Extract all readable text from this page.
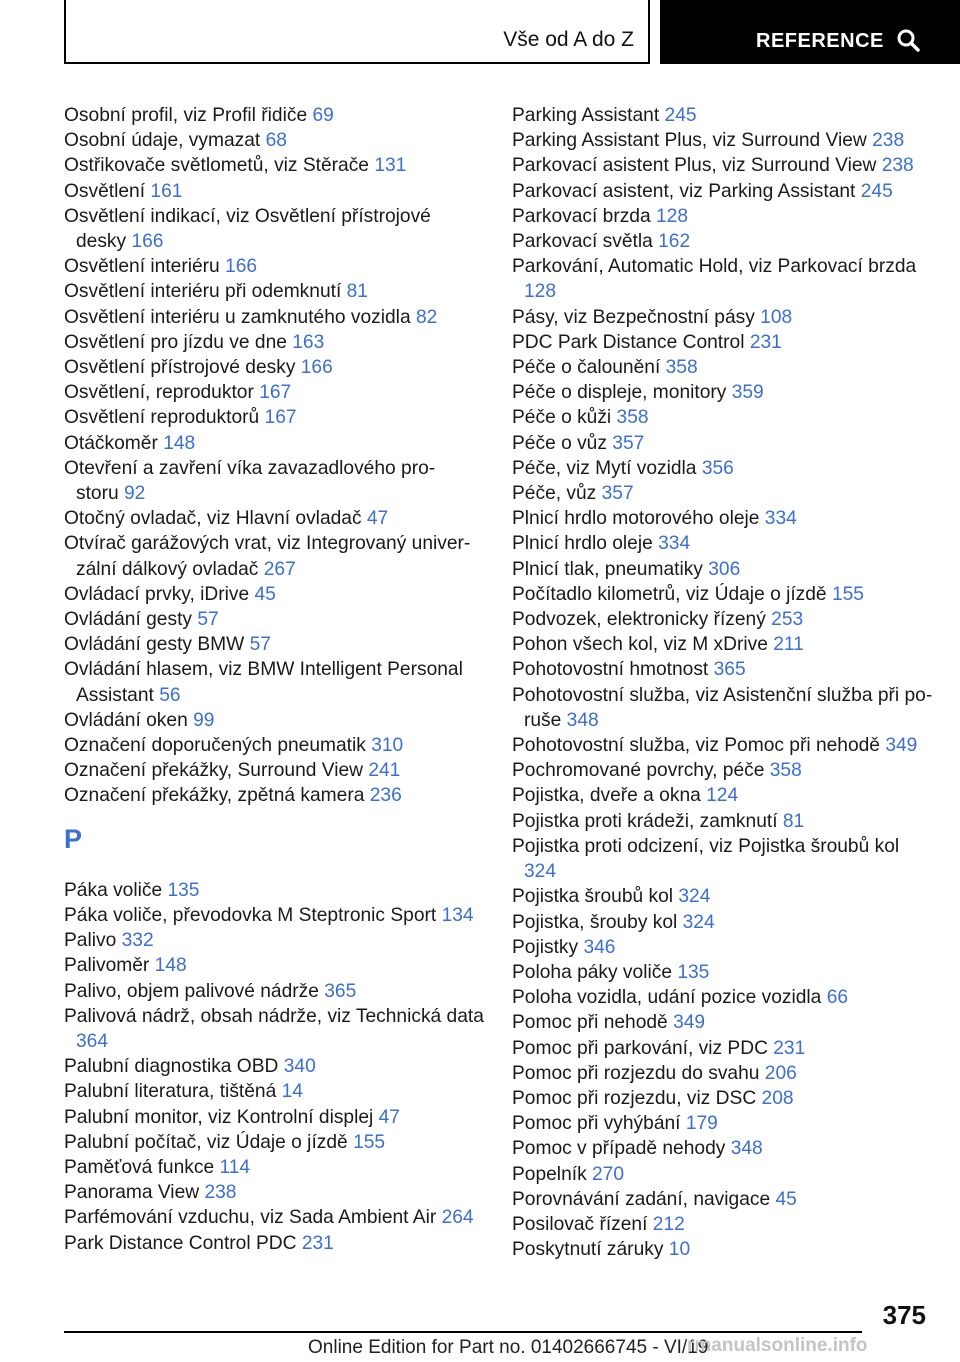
Vše od A do Z	REFERENCE
Osobní profil, viz Profil řidiče 69
Osobní údaje, vymazat 68
Ostřikovače světlometů, viz Stěrače 131
Osvětlení 161
Osvětlení indikací, viz Osvětlení přístrojové desky 166
Osvětlení interiéru 166
Osvětlení interiéru při odemknutí 81
Osvětlení interiéru u zamknutého vozidla 82
Osvětlení pro jízdu ve dne 163
Osvětlení přístrojové desky 166
Osvětlení, reproduktor 167
Osvětlení reproduktorů 167
Otáčkoměr 148
Otevření a zavření víka zavazadlového pro-
storu 92
Otočný ovladač, viz Hlavní ovladač 47
Otvírač garážových vrat, viz Integrovaný univer-
zální dálkový ovladač 267
Ovládací prvky, iDrive 45
Ovládání gesty 57
Ovládání gesty BMW 57
Ovládání hlasem, viz BMW Intelligent Personal Assistant 56
Ovládání oken 99
Označení doporučených pneumatik 310
Označení překážky, Surround View 241
Označení překážky, zpětná kamera 236
P
Páka voliče 135
Páka voliče, převodovka M Steptronic Sport 134
Palivo 332
Palivoměr 148
Palivo, objem palivové nádrže 365
Palivová nádrž, obsah nádrže, viz Technická data 364
Palubní diagnostika OBD 340
Palubní literatura, tištěná 14
Palubní monitor, viz Kontrolní displej 47
Palubní počítač, viz Údaje o jízdě 155
Paměťová funkce 114
Panorama View 238
Parfémování vzduchu, viz Sada Ambient Air 264
Park Distance Control PDC 231
Parking Assistant 245
Parking Assistant Plus, viz Surround View 238
Parkovací asistent Plus, viz Surround View 238
Parkovací asistent, viz Parking Assistant 245
Parkovací brzda 128
Parkovací světla 162
Parkování, Automatic Hold, viz Parkovací brzda 128
Pásy, viz Bezpečnostní pásy 108
PDC Park Distance Control 231
Péče o čalounění 358
Péče o displeje, monitory 359
Péče o kůži 358
Péče o vůz 357
Péče, viz Mytí vozidla 356
Péče, vůz 357
Plnicí hrdlo motorového oleje 334
Plnicí hrdlo oleje 334
Plnicí tlak, pneumatiky 306
Počítadlo kilometrů, viz Údaje o jízdě 155
Podvozek, elektronicky řízený 253
Pohon všech kol, viz M xDrive 211
Pohotovostní hmotnost 365
Pohotovostní služba, viz Asistenční služba při po-
ruše 348
Pohotovostní služba, viz Pomoc při nehodě 349
Pochromované povrchy, péče 358
Pojistka, dveře a okna 124
Pojistka proti krádeži, zamknutí 81
Pojistka proti odcizení, viz Pojistka šroubů kol 324
Pojistka šroubů kol 324
Pojistka, šrouby kol 324
Pojistky 346
Poloha páky voliče 135
Poloha vozidla, udání pozice vozidla 66
Pomoc při nehodě 349
Pomoc při parkování, viz PDC 231
Pomoc při rozjezdu do svahu 206
Pomoc při rozjezdu, viz DSC 208
Pomoc při vyhýbání 179
Pomoc v případě nehody 348
Popelník 270
Porovnávání zadání, navigace 45
Posilovač řízení 212
Poskytnutí záruky 10
375
Online Edition for Part no. 01402666745 - VI/19
rmanualsonline.info
